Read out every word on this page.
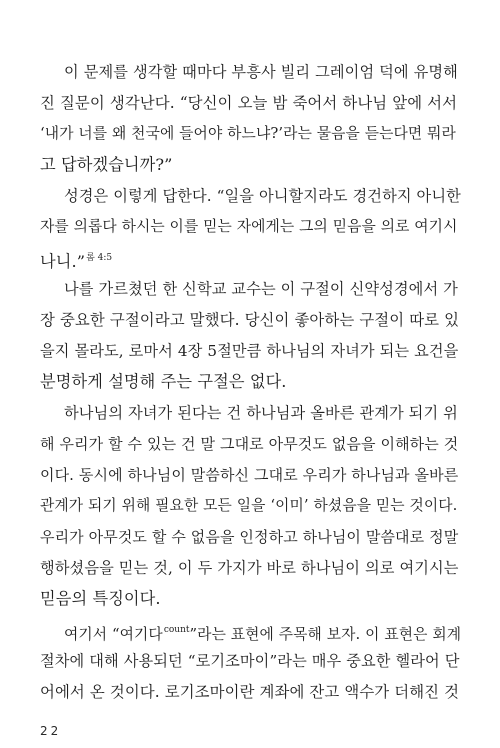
이 문제를 생각할 때마다 부흥사 빌리 그레이엄 덕에 유명해
진 질문이 생각난다. “당신이 오늘 밤 죽어서 하나님 앞에 서서
‘내가 너를 왜 천국에 들어야 하느냐?’라는 물음을 듣는다면 뭐라
고 답하겠습니까?”
성경은 이렇게 답한다. “일을 아니할지라도 경건하지 아니한
자를 의롭다 하시는 이를 믿는 자에게는 그의 믿음을 의로 여기시
나니.”$^{롬 4:5}$
나를 가르쳤던 한 신학교 교수는 이 구절이 신약성경에서 가
장 중요한 구절이라고 말했다. 당신이 좋아하는 구절이 따로 있
을지 몰라도, 로마서 4장 5절만큼 하나님의 자녀가 되는 요건을
분명하게 설명해 주는 구절은 없다.
하나님의 자녀가 된다는 건 하나님과 올바른 관계가 되기 위
해 우리가 할 수 있는 건 말 그대로 아무것도 없음을 이해하는 것
이다. 동시에 하나님이 말씀하신 그대로 우리가 하나님과 올바른
관계가 되기 위해 필요한 모든 일을 ‘이미’ 하셨음을 믿는 것이다.
우리가 아무것도 할 수 없음을 인정하고 하나님이 말씀대로 정말
행하셨음을 믿는 것, 이 두 가지가 바로 하나님이 의로 여기시는
믿음의 특징이다.
여기서 “여기다$^{count}$”라는 표현에 주목해 보자. 이 표현은 회계
22
절차에 대해 사용되던 “로기조마이”라는 매우 중요한 헬라어 단
어에서 온 것이다. 로기조마이란 계좌에 잔고 액수가 더해진 것
